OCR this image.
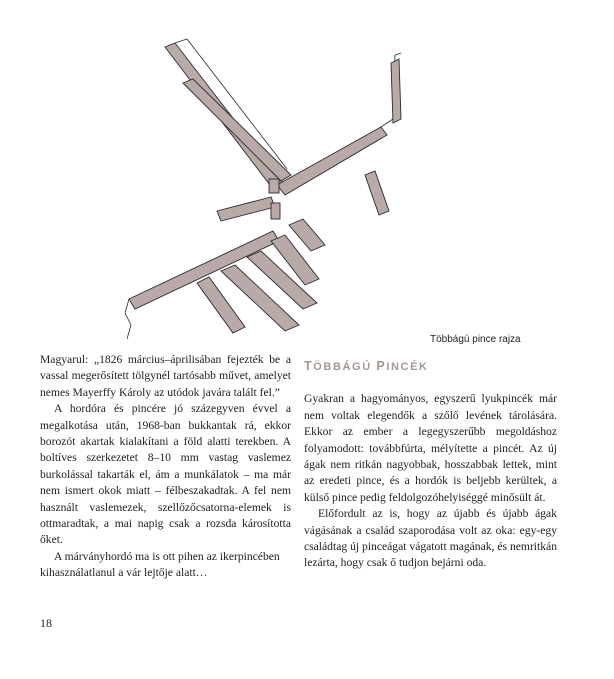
Többágú pince rajza

Magyarul: „1826 március–áprilisában fejezték be a vassal megerősített tölgynél tartósabb művet, amelyet nemes Mayerffy Károly az utódok javára talált fel.”

A hordóra és pincére jó százegyven évvel a megalkotása után, 1968-ban bukkantak rá, ekkor borozót akartak kialakítani a föld alatti terekben. A boltíves szerkezetet 8–10 mm vastag vaslemez burkolással takarták el, ám a munkálatok – ma már nem ismert okok miatt – félbeszakadtak. A fel nem használt vaslemezek, szellőzőcsatorna-elemek is ottmaradtak, a mai napig csak a rozsda károsította őket.

A márványhordó ma is ott pihen az ikerpincében kihasználatlanul a vár lejtője alatt…

TÖBBÁGÚ PINCÉK

Gyakran a hagyományos, egyszerű lyukpincék már nem voltak elegendők a szőlő levének tárolására. Ekkor az ember a legegyszerűbb megoldáshoz folyamodott: továbbfúrta, mélyítette a pincét. Az új ágak nem ritkán nagyobbak, hosszabbak lettek, mint az eredeti pince, és a hordók is beljebb kerültek, a külső pince pedig feldolgozóhelyiséggé minősült át.

Előfordult az is, hogy az újabb és újabb ágak vágásának a család szaporodása volt az oka: egy-egy családtag új pinceágat vágatott magának, és nemritkán lezárta, hogy csak ő tudjon bejárni oda.

18
